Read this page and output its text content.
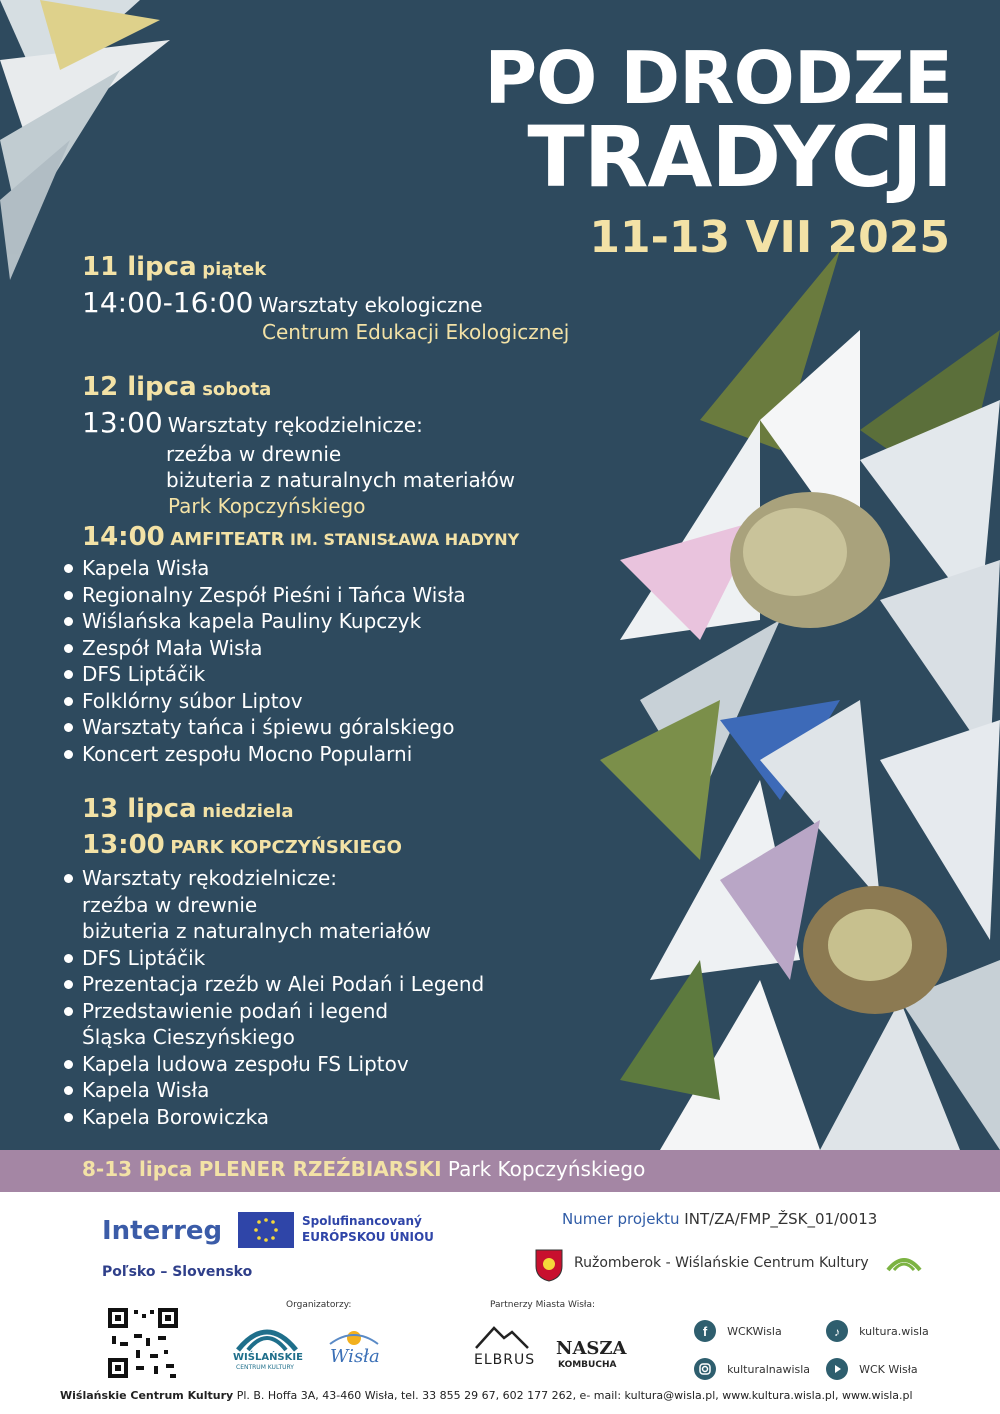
PO DRODZE
TRADYCJI
11-13 VII 2025
11 lipca piątek
14:00-16:00 Warsztaty ekologiczne
Centrum Edukacji Ekologicznej
12 lipca sobota
13:00 Warsztaty rękodzielnicze:
rzeźba w drewnie
biżuteria z naturalnych materiałów
Park Kopczyńskiego
14:00 AMFITEATR IM. STANISŁAWA HADYNY
Kapela Wisła
Regionalny Zespół Pieśni i Tańca Wisła
Wiślańska kapela Pauliny Kupczyk
Zespół Mała Wisła
DFS Liptáčik
Folklórny súbor Liptov
Warsztaty tańca i śpiewu góralskiego
Koncert zespołu Mocno Popularni
13 lipca niedziela
13:00 PARK KOPCZYŃSKIEGO
Warsztaty rękodzielnicze:
rzeźba w drewnie
biżuteria z naturalnych materiałów
DFS Liptáčik
Prezentacja rzeźb w Alei Podań i Legend
Przedstawienie podań i legend
Śląska Cieszyńskiego
Kapela ludowa zespołu FS Liptov
Kapela Wisła
Kapela Borowiczka
8-13 lipca PLENER RZEŹBIARSKI Park Kopczyńskiego
Interreg	Spolufinancovaný
EURÓPSKOU ÚNIOU
Poľsko – Slovensko
Numer projektu INT/ZA/FMP_ŽSK_01/0013
Ružomberok - Wiślańskie Centrum Kultury
Organizatorzy:	Partnerzy Miasta Wisła:
WIŚLAŃSKIE
CENTRUM KULTURY
Wisła	ELBRUS
NASZA
KOMBUCHA
f WCKWisla	♪ kultura.wisla
kulturalnawisla	WCK Wisła
Wiślańskie Centrum Kultury Pl. B. Hoffa 3A, 43-460 Wisła, tel. 33 855 29 67, 602 177 262, e- mail: kultura@wisla.pl, www.kultura.wisla.pl, www.wisla.pl
